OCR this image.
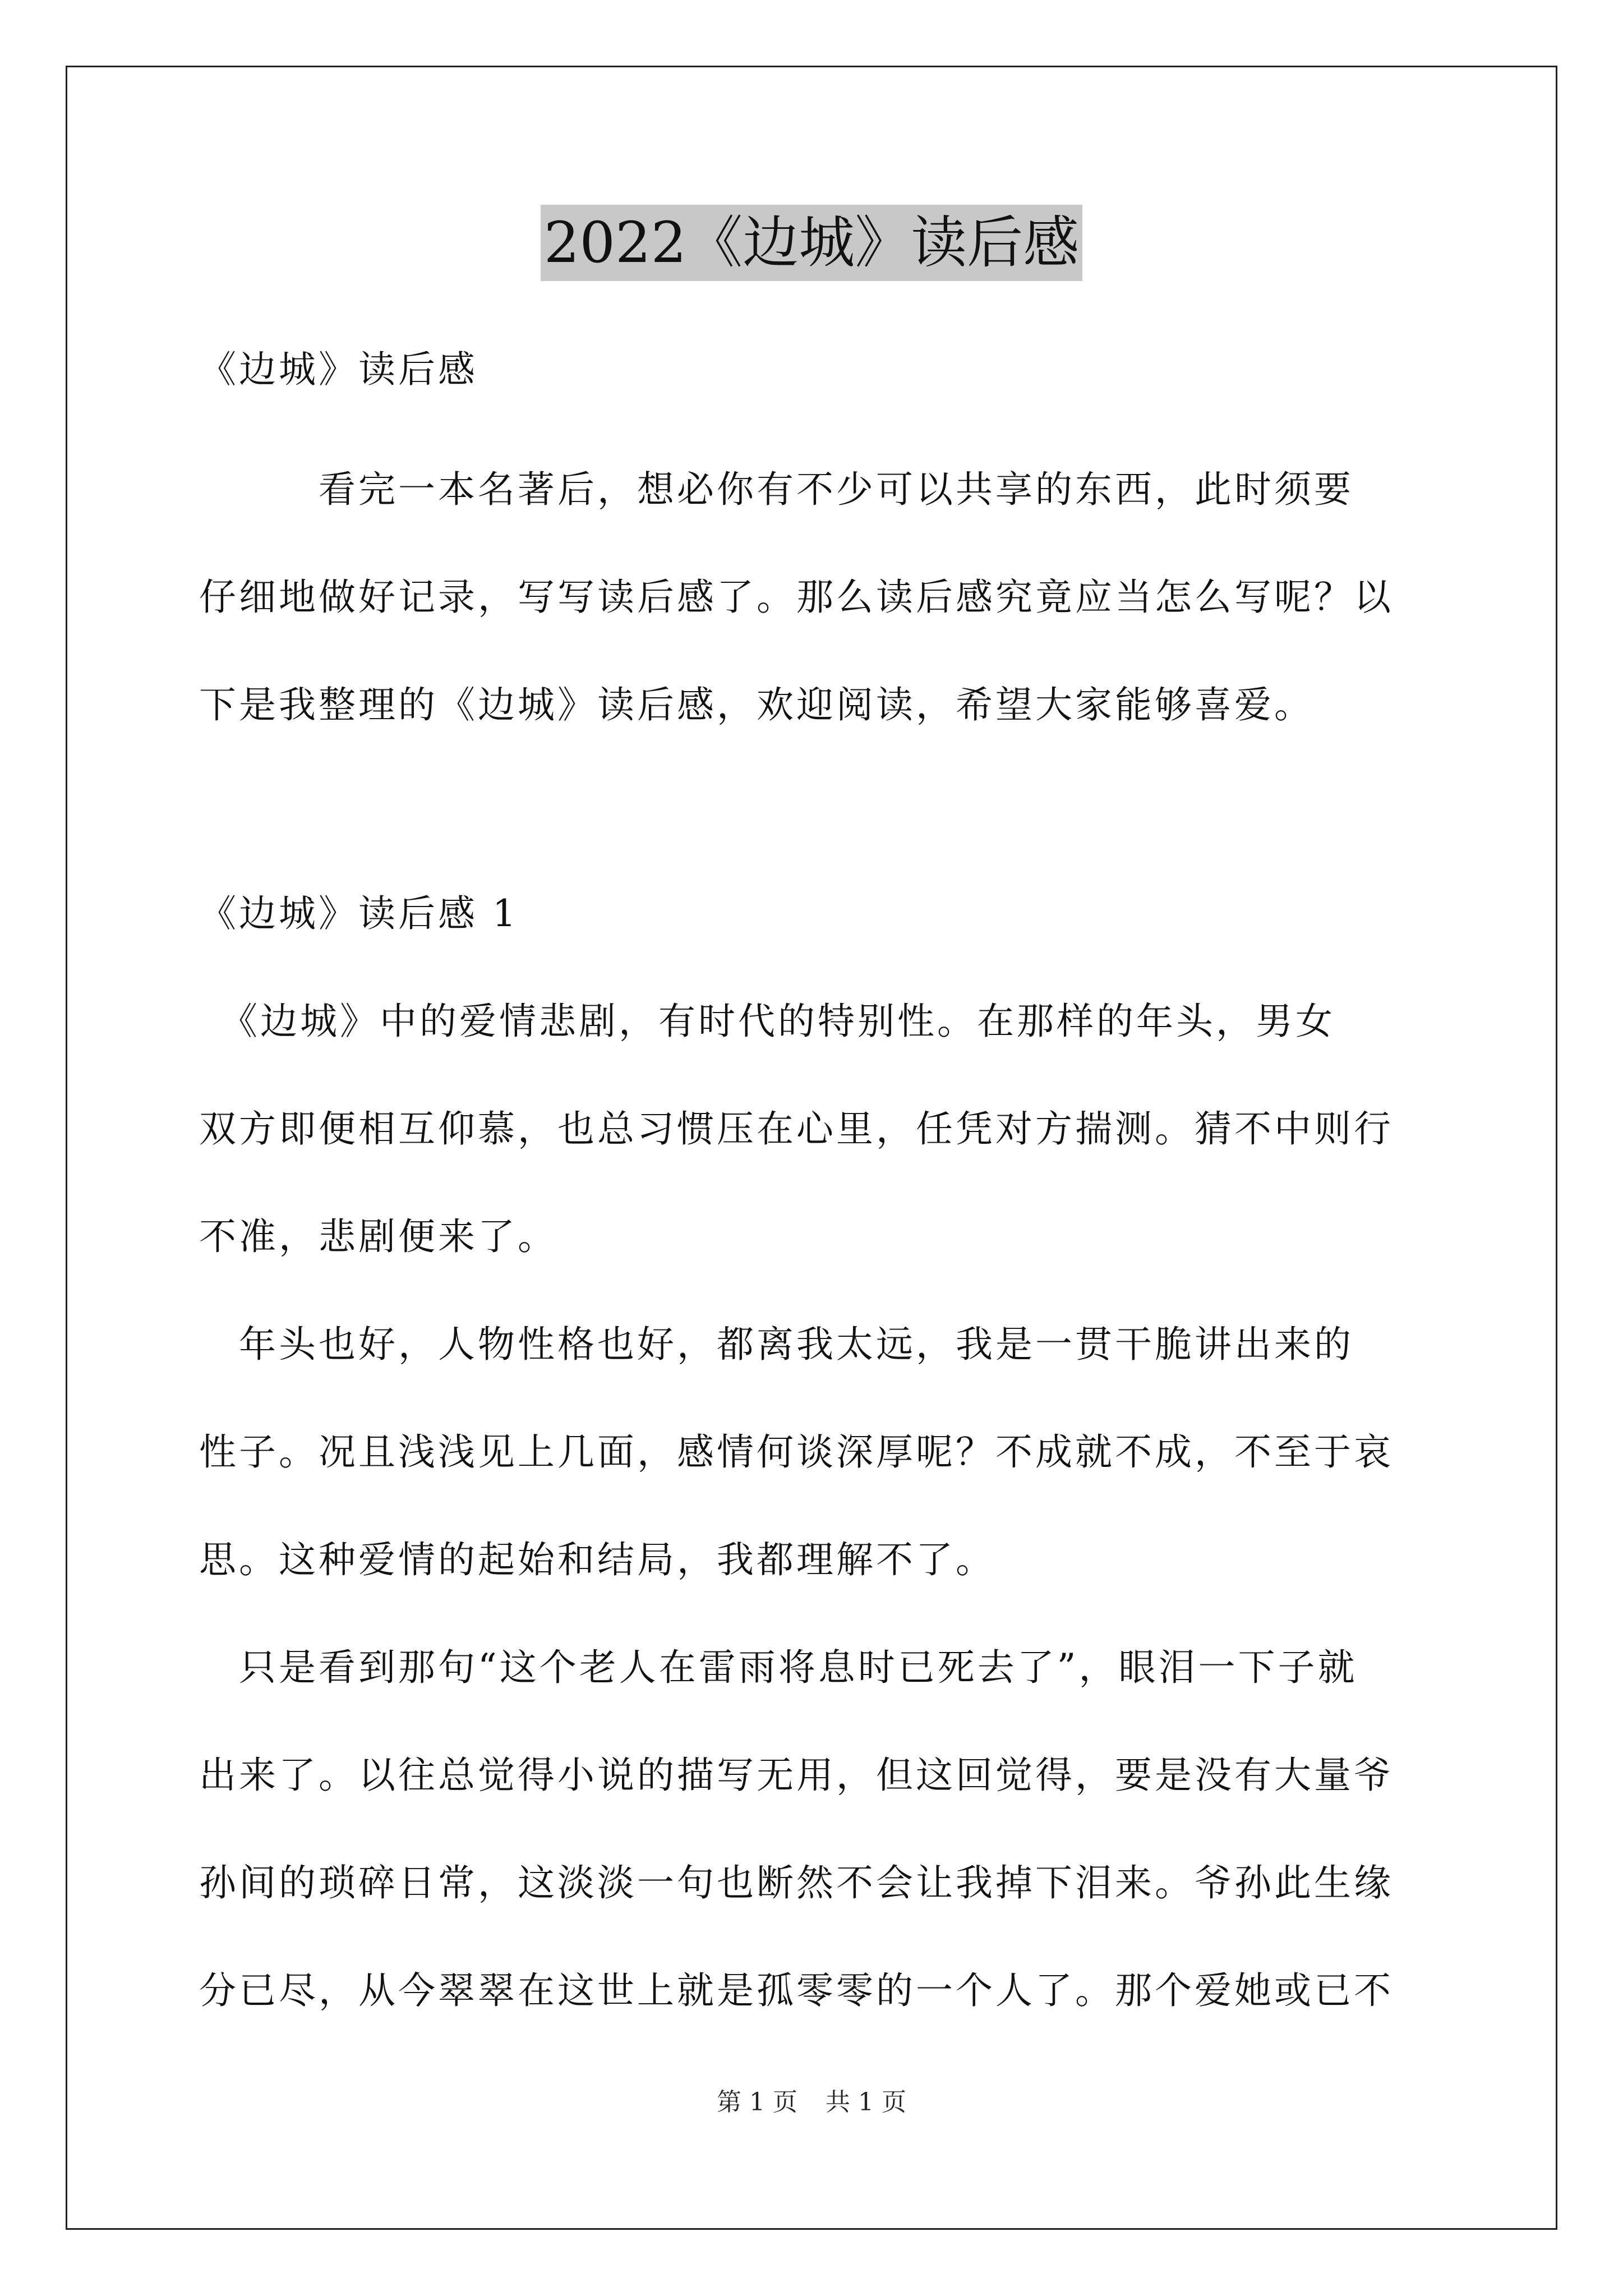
2022《边城》读后感

《边城》读后感

　　　看完一本名著后，想必你有不少可以共享的东西，此时须要
仔细地做好记录，写写读后感了。那么读后感究竟应当怎么写呢？以
下是我整理的《边城》读后感，欢迎阅读，希望大家能够喜爱。

《边城》读后感 1

　《边城》中的爱情悲剧，有时代的特别性。在那样的年头，男女
双方即便相互仰慕，也总习惯压在心里，任凭对方揣测。猜不中则行
不准，悲剧便来了。

　年头也好，人物性格也好，都离我太远，我是一贯干脆讲出来的
性子。况且浅浅见上几面，感情何谈深厚呢？不成就不成，不至于哀
思。这种爱情的起始和结局，我都理解不了。

　只是看到那句“这个老人在雷雨将息时已死去了”，眼泪一下子就
出来了。以往总觉得小说的描写无用，但这回觉得，要是没有大量爷
孙间的琐碎日常，这淡淡一句也断然不会让我掉下泪来。爷孙此生缘
分已尽，从今翠翠在这世上就是孤零零的一个人了。那个爱她或已不

第 1 页 共 1 页
